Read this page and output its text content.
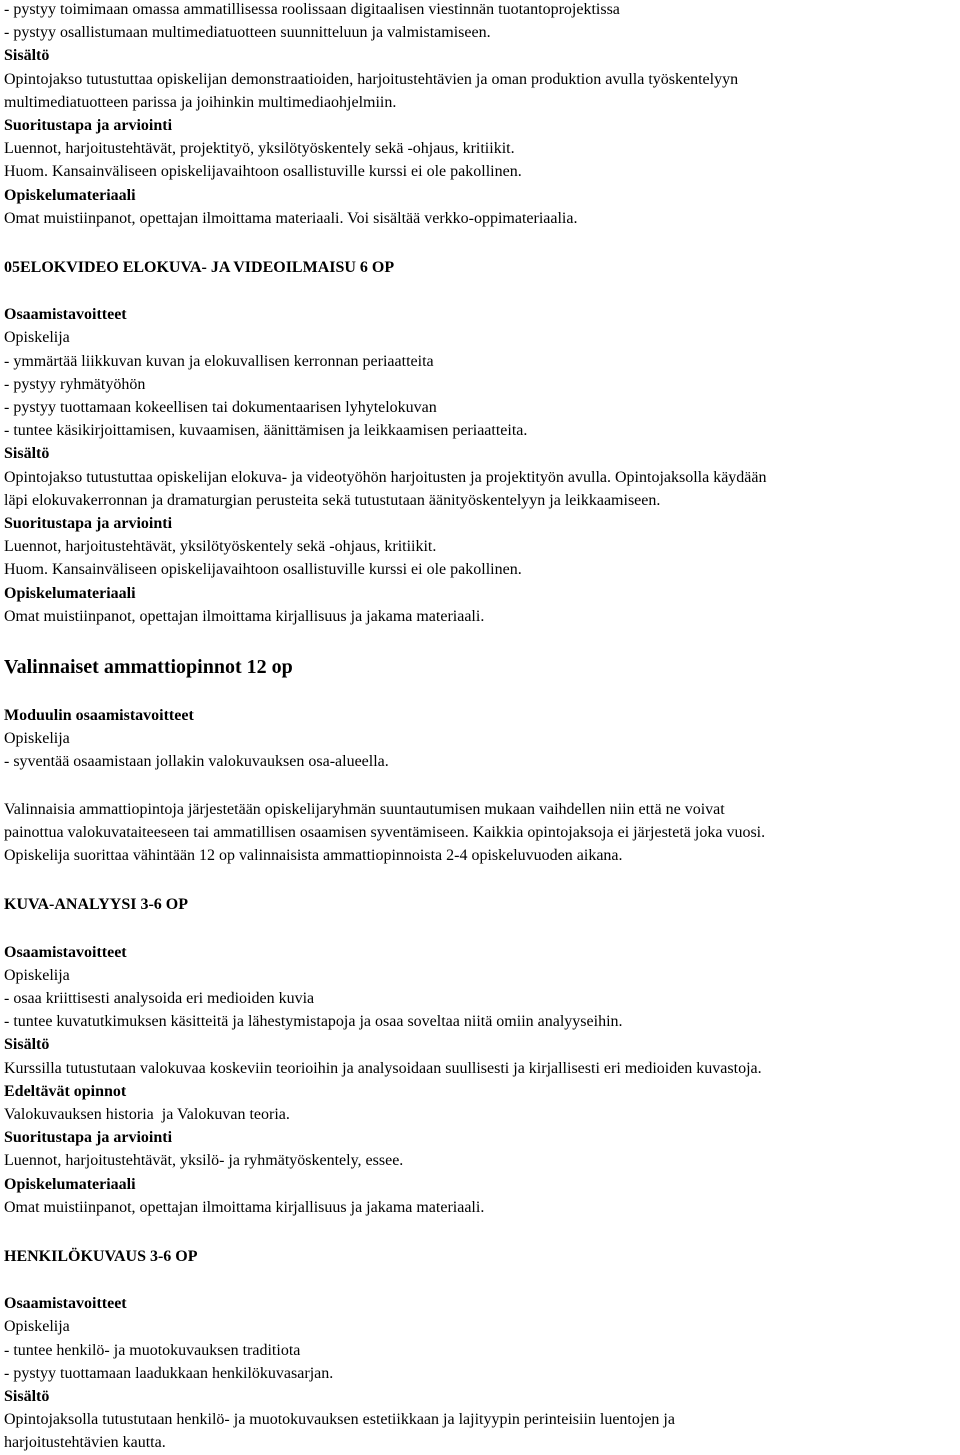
- pystyy toimimaan omassa ammatillisessa roolissaan digitaalisen viestinnän tuotantoprojektissa

- pystyy osallistumaan multimediatuotteen suunnitteluun ja valmistamiseen.

Sisältö

Opintojakso tutustuttaa opiskelijan demonstraatioiden, harjoitustehtävien ja oman produktion avulla työskentelyyn

multimediatuotteen parissa ja joihinkin multimediaohjelmiin.

Suoritustapa ja arviointi

Luennot, harjoitustehtävät, projektityö, yksilötyöskentely sekä -ohjaus, kritiikit.

Huom. Kansainväliseen opiskelijavaihtoon osallistuville kurssi ei ole pakollinen.

Opiskelumateriaali

Omat muistiinpanot, opettajan ilmoittama materiaali. Voi sisältää verkko-oppimateriaalia.

05ELOKVIDEO ELOKUVA- JA VIDEOILMAISU 6 OP

Osaamistavoitteet

Opiskelija

- ymmärtää liikkuvan kuvan ja elokuvallisen kerronnan periaatteita

- pystyy ryhmätyöhön

- pystyy tuottamaan kokeellisen tai dokumentaarisen lyhytelokuvan

- tuntee käsikirjoittamisen, kuvaamisen, äänittämisen ja leikkaamisen periaatteita.

Sisältö

Opintojakso tutustuttaa opiskelijan elokuva- ja videotyöhön harjoitusten ja projektityön avulla. Opintojaksolla käydään

läpi elokuvakerronnan ja dramaturgian perusteita sekä tutustutaan äänityöskentelyyn ja leikkaamiseen.

Suoritustapa ja arviointi

Luennot, harjoitustehtävät, yksilötyöskentely sekä -ohjaus, kritiikit.

Huom. Kansainväliseen opiskelijavaihtoon osallistuville kurssi ei ole pakollinen.

Opiskelumateriaali

Omat muistiinpanot, opettajan ilmoittama kirjallisuus ja jakama materiaali.

Valinnaiset ammattiopinnot 12 op

Moduulin osaamistavoitteet

Opiskelija

- syventää osaamistaan jollakin valokuvauksen osa-alueella.

Valinnaisia ammattiopintoja järjestetään opiskelijaryhmän suuntautumisen mukaan vaihdellen niin että ne voivat

painottua valokuvataiteeseen tai ammatillisen osaamisen syventämiseen. Kaikkia opintojaksoja ei järjestetä joka vuosi.

Opiskelija suorittaa vähintään 12 op valinnaisista ammattiopinnoista 2-4 opiskeluvuoden aikana.

KUVA-ANALYYSI 3-6 OP

Osaamistavoitteet

Opiskelija

- osaa kriittisesti analysoida eri medioiden kuvia

- tuntee kuvatutkimuksen käsitteitä ja lähestymistapoja ja osaa soveltaa niitä omiin analyyseihin.

Sisältö

Kurssilla tutustutaan valokuvaa koskeviin teorioihin ja analysoidaan suullisesti ja kirjallisesti eri medioiden kuvastoja.

Edeltävät opinnot

Valokuvauksen historia  ja Valokuvan teoria.

Suoritustapa ja arviointi

Luennot, harjoitustehtävät, yksilö- ja ryhmätyöskentely, essee.

Opiskelumateriaali

Omat muistiinpanot, opettajan ilmoittama kirjallisuus ja jakama materiaali.

HENKILÖKUVAUS 3-6 OP

Osaamistavoitteet

Opiskelija

- tuntee henkilö- ja muotokuvauksen traditiota

- pystyy tuottamaan laadukkaan henkilökuvasarjan.

Sisältö

Opintojaksolla tutustutaan henkilö- ja muotokuvauksen estetiikkaan ja lajityypin perinteisiin luentojen ja

harjoitustehtävien kautta.
